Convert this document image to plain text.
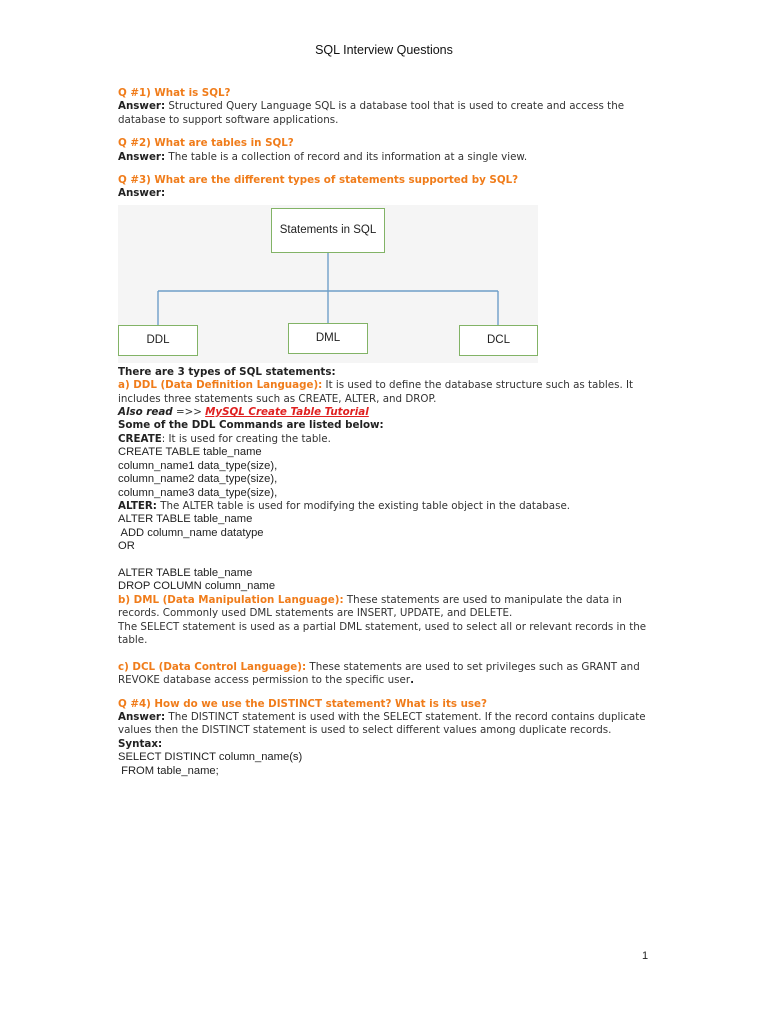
SQL Interview Questions

Q #1) What is SQL?

Answer: Structured Query Language SQL is a database tool that is used to create and access the database to support software applications.

Q #2) What are tables in SQL?

Answer: The table is a collection of record and its information at a single view.

Q #3) What are the different types of statements supported by SQL?

Answer:

Statements in SQL
DDL	DML	DCL

There are 3 types of SQL statements:

a) DDL (Data Definition Language): It is used to define the database structure such as tables. It includes three statements such as CREATE, ALTER, and DROP.

Also read =>> MySQL Create Table Tutorial

Some of the DDL Commands are listed below:

CREATE: It is used for creating the table.

CREATE TABLE table_name

column_name1 data_type(size),

column_name2 data_type(size),

column_name3 data_type(size),

ALTER: The ALTER table is used for modifying the existing table object in the database.

ALTER TABLE table_name

ADD column_name datatype

OR

ALTER TABLE table_name

DROP COLUMN column_name

b) DML (Data Manipulation Language): These statements are used to manipulate the data in records. Commonly used DML statements are INSERT, UPDATE, and DELETE.

The SELECT statement is used as a partial DML statement, used to select all or relevant records in the table.

c) DCL (Data Control Language): These statements are used to set privileges such as GRANT and REVOKE database access permission to the specific user.

Q #4) How do we use the DISTINCT statement? What is its use?

Answer: The DISTINCT statement is used with the SELECT statement. If the record contains duplicate values then the DISTINCT statement is used to select different values among duplicate records.

Syntax:

SELECT DISTINCT column_name(s)

FROM table_name;

1
